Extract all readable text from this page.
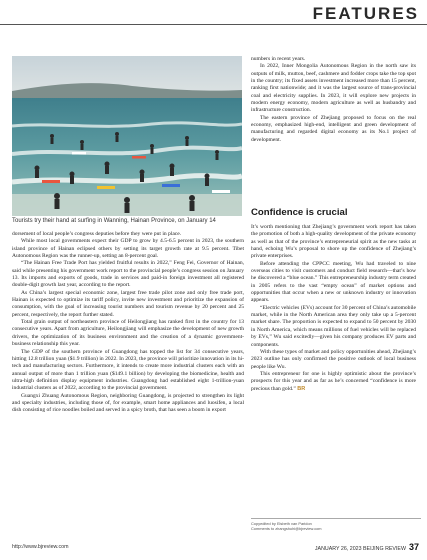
FEATURES
Tourists try their hand at surfing in Wanning, Hainan Province, on January 14

dorsement of local people’s congress deputies before they were put in place.

While most local governments expect their GDP to grow by 4.5-6.5 percent in 2023, the southern island province of Hainan eclipsed others by setting its target growth rate at 9.5 percent. Tibet Autonomous Region was the runner-up, setting an 8-percent goal.

“The Hainan Free Trade Port has yielded fruitful results in 2022,” Feng Fei, Governor of Hainan, said while presenting his government work report to the provincial people’s congress session on January 13. Its imports and exports of goods, trade in services and paid-in foreign investment all registered double-digit growth last year, according to the report.

As China’s largest special economic zone, largest free trade pilot zone and only free trade port, Hainan is expected to optimize its tariff policy, invite new investment and prioritize the expansion of consumption, with the goal of increasing tourist numbers and tourism revenue by 20 percent and 25 percent, respectively, the report further stated.

Total grain output of northeastern province of Heilongjiang has ranked first in the country for 13 consecutive years. Apart from agriculture, Heilongjiang will emphasize the development of new growth drivers, the optimization of its business environment and the creation of a dynamic government-business relationship this year.

The GDP of the southern province of Guangdong has topped the list for 34 consecutive years, hitting 12.8 trillion yuan ($1.9 trillion) in 2022. In 2023, the province will prioritize innovation in its hi-tech and manufacturing sectors. Furthermore, it intends to create more industrial clusters each with an annual output of more than 1 trillion yuan ($149.1 billion) by developing the biomedicine, health and ultra-high definition display equipment industries. Guangdong had established eight 1-trillion-yuan industrial clusters as of 2022, according to the provincial government.

Guangxi Zhuang Autonomous Region, neighboring Guangdong, is projected to strengthen its light and specialty industries, including those of, for example, smart home appliances and luosifen, a local dish consisting of rice noodles boiled and served in a spicy broth, that has seen a boom in export

numbers in recent years.

In 2022, Inner Mongolia Autonomous Region in the north saw its outputs of milk, mutton, beef, cashmere and fodder crops take the top spot in the country; its fixed assets investment increased more than 15 percent, ranking first nationwide; and it was the largest source of trans-provincial coal and electricity supplies. In 2023, it will explore new projects in modern energy economy, modern agriculture as well as husbandry and infrastructure construction.

The eastern province of Zhejiang proposed to focus on the real economy, emphasized high-end, intelligent and green development of manufacturing and regarded digital economy as its No.1 project of development.

Confidence is crucial

It’s worth mentioning that Zhejiang’s government work report has taken the promotion of both a high-quality development of the private economy as well as that of the province’s entrepreneurial spirit as the new tasks at hand, echoing Wu’s proposal to shore up the confidence of Zhejiang’s private enterprises.

Before attending the CPPCC meeting, Wu had traveled to nine overseas cities to visit customers and conduct field research—that’s how he discovered a “blue ocean.” This entrepreneurship industry term created in 2005 refers to the vast “empty ocean” of market options and opportunities that occur when a new or unknown industry or innovation appears.

“Electric vehicles (EVs) account for 30 percent of China’s automobile market, while in the North American area they only take up a 5-percent market share. The proportion is expected to expand to 50 percent by 2030 in North America, which means millions of fuel vehicles will be replaced by EVs,” Wu said excitedly—given his company produces EV parts and components.

With these types of market and policy opportunities ahead, Zhejiang’s 2023 outline has only confirmed the positive outlook of local business people like Wu.

This entrepreneur for one is highly optimistic about the province’s prospects for this year and as far as he’s concerned “confidence is more precious than gold.” BR

Copyedited by Elsbeth van Paridon
Comments to zhangshuhi@bjreview.com
http://www.bjreview.com	JANUARY 26, 2023 BEIJING REVIEW 37
